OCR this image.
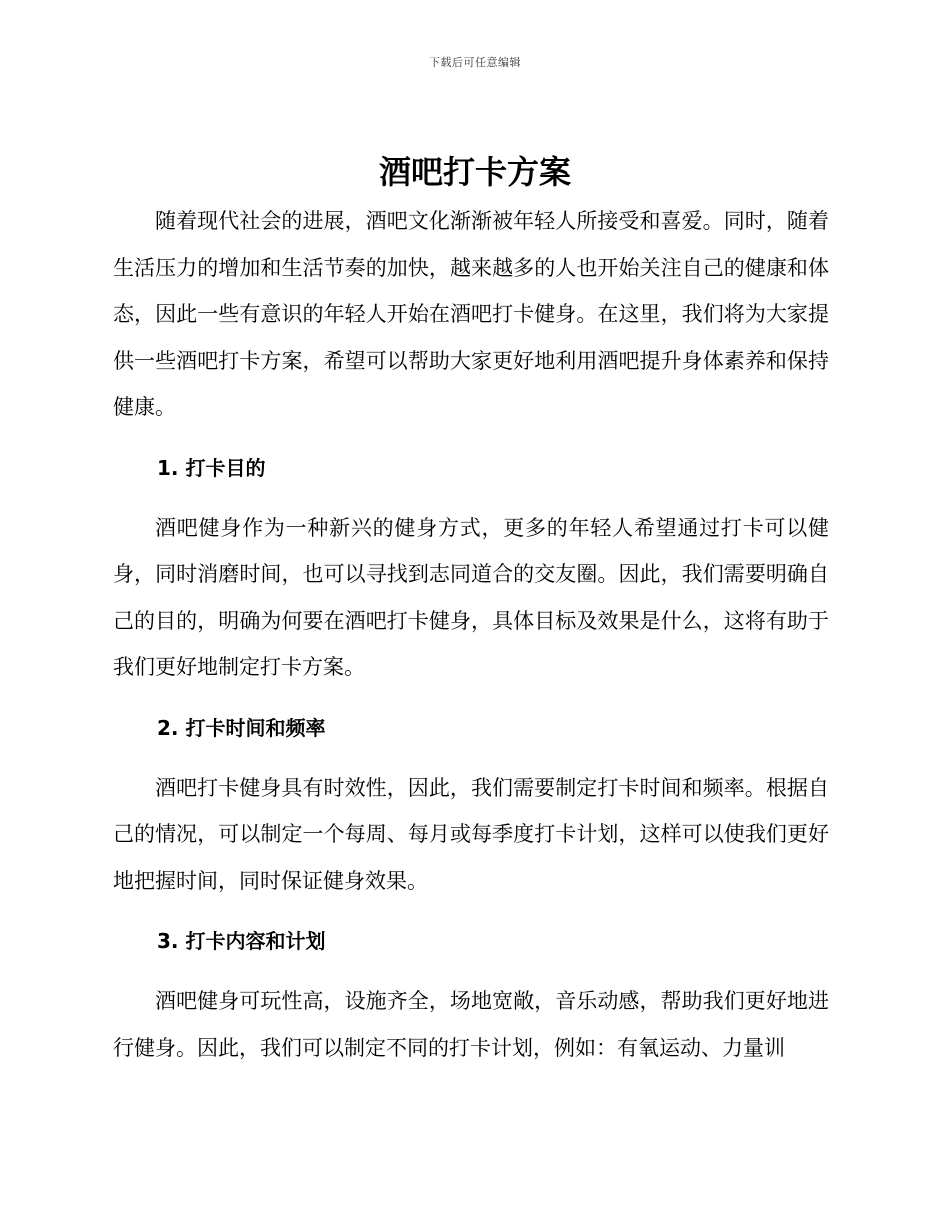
下载后可任意编辑
酒吧打卡方案

随着现代社会的进展，酒吧文化渐渐被年轻人所接受和喜爱。同时，随着生活压力的增加和生活节奏的加快，越来越多的人也开始关注自己的健康和体态，因此一些有意识的年轻人开始在酒吧打卡健身。在这里，我们将为大家提供一些酒吧打卡方案，希望可以帮助大家更好地利用酒吧提升身体素养和保持健康。

1. 打卡目的

酒吧健身作为一种新兴的健身方式，更多的年轻人希望通过打卡可以健身，同时消磨时间，也可以寻找到志同道合的交友圈。因此，我们需要明确自己的目的，明确为何要在酒吧打卡健身，具体目标及效果是什么，这将有助于我们更好地制定打卡方案。

2. 打卡时间和频率

酒吧打卡健身具有时效性，因此，我们需要制定打卡时间和频率。根据自己的情况，可以制定一个每周、每月或每季度打卡计划，这样可以使我们更好地把握时间，同时保证健身效果。

3. 打卡内容和计划

酒吧健身可玩性高，设施齐全，场地宽敞，音乐动感，帮助我们更好地进行健身。因此，我们可以制定不同的打卡计划，例如：有氧运动、力量训
